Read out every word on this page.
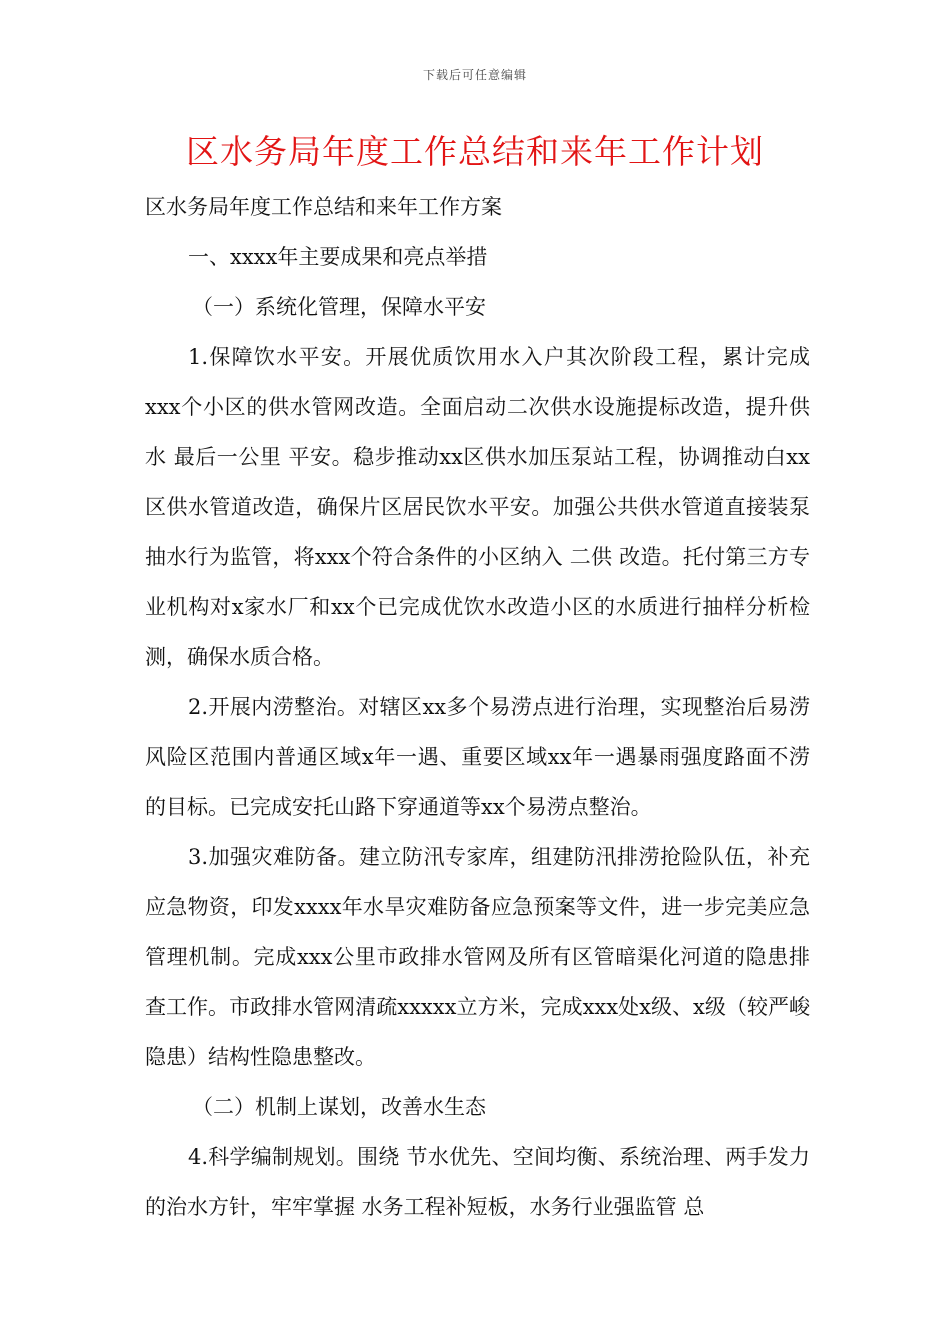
下载后可任意编辑
区水务局年度工作总结和来年工作计划

区水务局年度工作总结和来年工作方案

一、xxxx年主要成果和亮点举措

（一）系统化管理，保障水平安

1.保障饮水平安。开展优质饮用水入户其次阶段工程，累计完成xxx个小区的供水管网改造。全面启动二次供水设施提标改造，提升供水 最后一公里 平安。稳步推动xx区供水加压泵站工程，协调推动白xx区供水管道改造，确保片区居民饮水平安。加强公共供水管道直接装泵抽水行为监管，将xxx个符合条件的小区纳入 二供 改造。托付第三方专业机构对x家水厂和xx个已完成优饮水改造小区的水质进行抽样分析检测，确保水质合格。

2.开展内涝整治。对辖区xx多个易涝点进行治理，实现整治后易涝风险区范围内普通区域x年一遇、重要区域xx年一遇暴雨强度路面不涝的目标。已完成安托山路下穿通道等xx个易涝点整治。

3.加强灾难防备。建立防汛专家库，组建防汛排涝抢险队伍，补充应急物资，印发xxxx年水旱灾难防备应急预案等文件，进一步完美应急管理机制。完成xxx公里市政排水管网及所有区管暗渠化河道的隐患排查工作。市政排水管网清疏xxxxx立方米，完成xxx处x级、x级（较严峻隐患）结构性隐患整改。

（二）机制上谋划，改善水生态

4.科学编制规划。围绕 节水优先、空间均衡、系统治理、两手发力 的治水方针，牢牢掌握 水务工程补短板，水务行业强监管 总
